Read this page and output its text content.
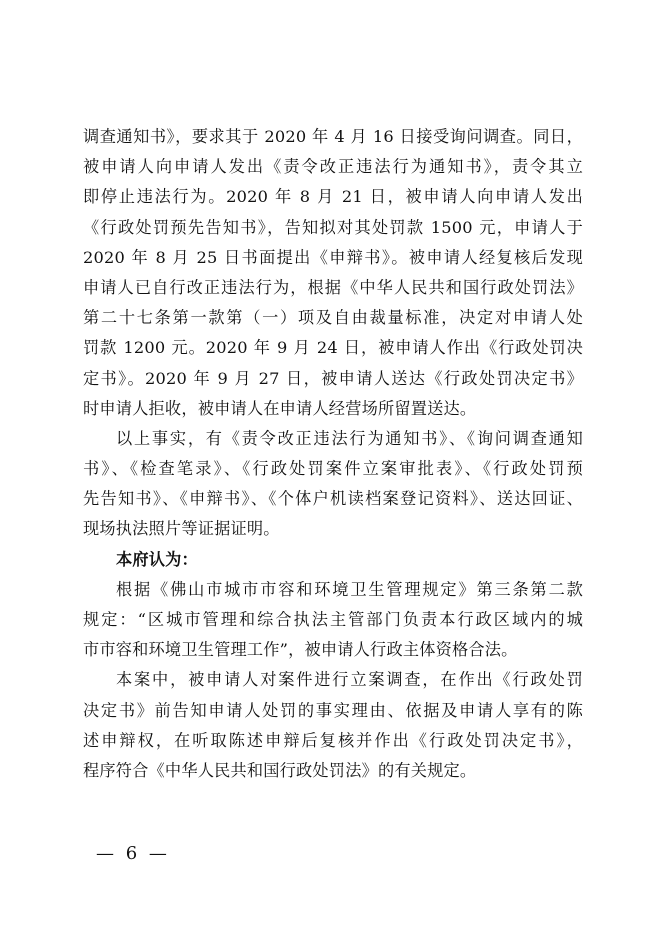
调查通知书》，要求其于 2020 年 4 月 16 日接受询问调查。同日，
被申请人向申请人发出《责令改正违法行为通知书》，责令其立
即停止违法行为。2020 年 8 月 21 日，被申请人向申请人发出
《行政处罚预先告知书》，告知拟对其处罚款 1500 元，申请人于
2020 年 8 月 25 日书面提出《申辩书》。被申请人经复核后发现
申请人已自行改正违法行为，根据《中华人民共和国行政处罚法》
第二十七条第一款第（一）项及自由裁量标准，决定对申请人处
罚款 1200 元。2020 年 9 月 24 日，被申请人作出《行政处罚决
定书》。2020 年 9 月 27 日，被申请人送达《行政处罚决定书》
时申请人拒收，被申请人在申请人经营场所留置送达。
以上事实，有《责令改正违法行为通知书》、《询问调查通知
书》、《检查笔录》、《行政处罚案件立案审批表》、《行政处罚预
先告知书》、《申辩书》、《个体户机读档案登记资料》、送达回证、
现场执法照片等证据证明。
本府认为：
根据《佛山市城市市容和环境卫生管理规定》第三条第二款
规定：“区城市管理和综合执法主管部门负责本行政区域内的城
市市容和环境卫生管理工作”，被申请人行政主体资格合法。
本案中，被申请人对案件进行立案调查，在作出《行政处罚
决定书》前告知申请人处罚的事实理由、依据及申请人享有的陈
述申辩权，在听取陈述申辩后复核并作出《行政处罚决定书》，
程序符合《中华人民共和国行政处罚法》的有关规定。
— 6 —
